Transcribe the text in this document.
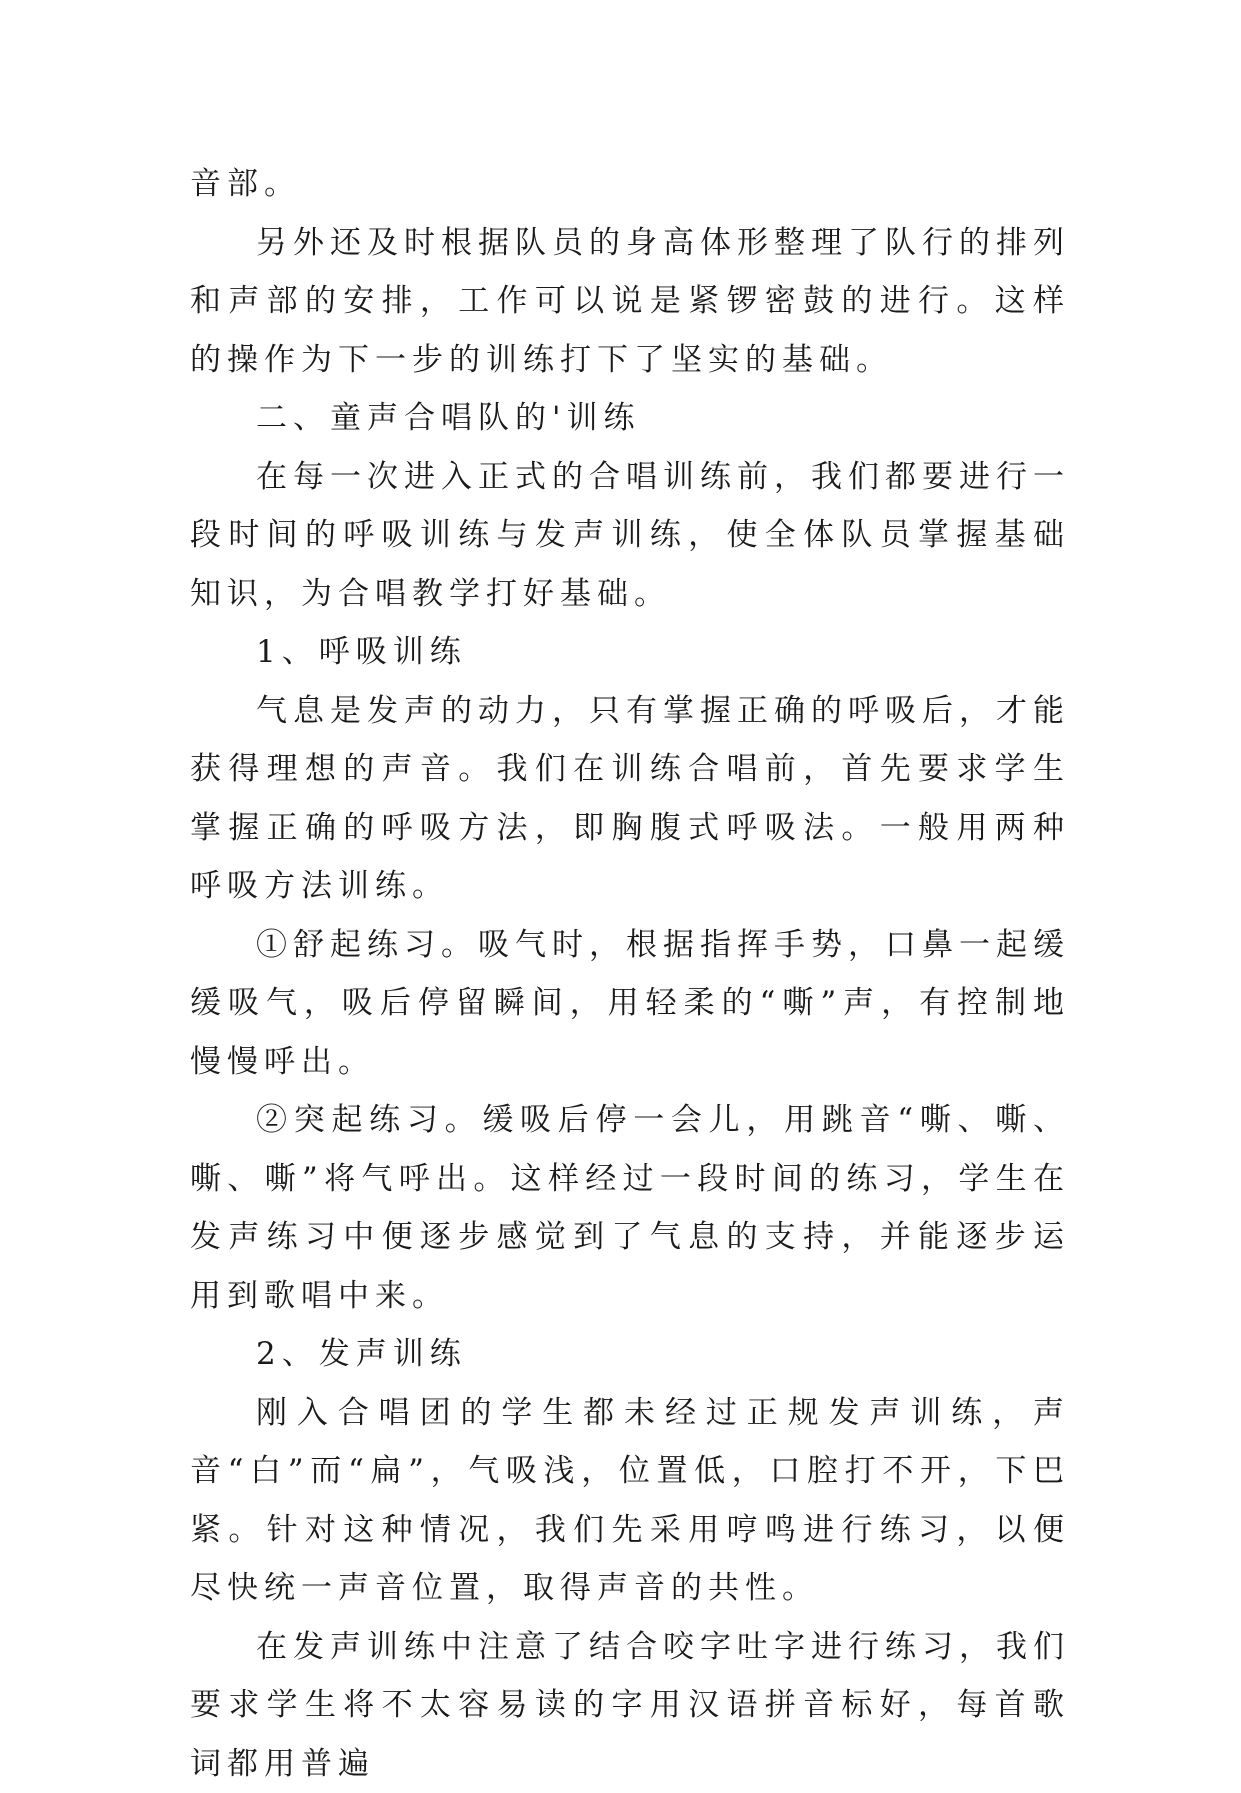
音部。

另外还及时根据队员的身高体形整理了队行的排列和声部的安排，工作可以说是紧锣密鼓的进行。这样的操作为下一步的训练打下了坚实的基础。

二、童声合唱队的'训练

在每一次进入正式的合唱训练前，我们都要进行一段时间的呼吸训练与发声训练，使全体队员掌握基础知识，为合唱教学打好基础。

1、呼吸训练

气息是发声的动力，只有掌握正确的呼吸后，才能获得理想的声音。我们在训练合唱前，首先要求学生掌握正确的呼吸方法，即胸腹式呼吸法。一般用两种呼吸方法训练。

①舒起练习。吸气时，根据指挥手势，口鼻一起缓缓吸气，吸后停留瞬间，用轻柔的“嘶”声，有控制地慢慢呼出。

②突起练习。缓吸后停一会儿，用跳音“嘶、嘶、嘶、嘶”将气呼出。这样经过一段时间的练习，学生在发声练习中便逐步感觉到了气息的支持，并能逐步运用到歌唱中来。

2、发声训练

刚入合唱团的学生都未经过正规发声训练，声音“白”而“扁”，气吸浅，位置低，口腔打不开，下巴紧。针对这种情况，我们先采用哼鸣进行练习，以便尽快统一声音位置，取得声音的共性。

在发声训练中注意了结合咬字吐字进行练习，我们要求学生将不太容易读的字用汉语拼音标好，每首歌词都用普遍
